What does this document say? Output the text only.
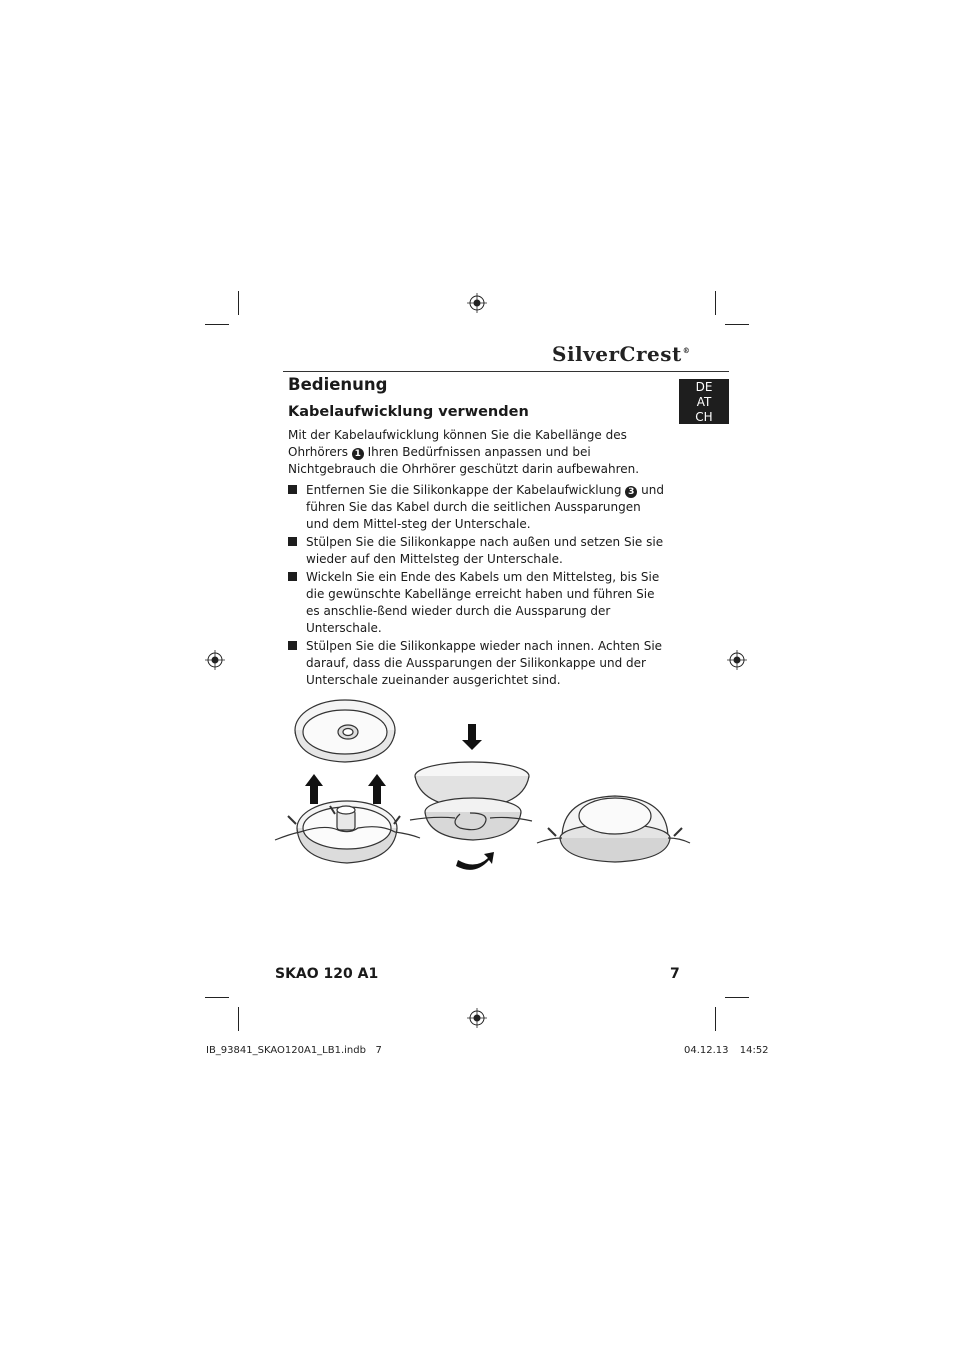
SilverCrest®
DE
AT
CH
Bedienung
Kabelaufwicklung verwenden

Mit der Kabelaufwicklung können Sie die Kabellänge des Ohrhörers 1 Ihren Bedürfnissen anpassen und bei Nichtgebrauch die Ohrhörer geschützt darin aufbewahren.

Entfernen Sie die Silikonkappe der Kabelaufwicklung 3 und führen Sie das Kabel durch die seitlichen Aussparungen und dem Mittel-steg der Unterschale.
Stülpen Sie die Silikonkappe nach außen und setzen Sie sie wieder auf den Mittelsteg der Unterschale.
Wickeln Sie ein Ende des Kabels um den Mittelsteg, bis Sie die gewünschte Kabellänge erreicht haben und führen Sie es anschlie-ßend wieder durch die Aussparung der Unterschale.
Stülpen Sie die Silikonkappe wieder nach innen. Achten Sie darauf, dass die Aussparungen der Silikonkappe und der Unterschale zueinander ausgerichtet sind.
SKAO 120 A1	7
IB_93841_SKAO120A1_LB1.indb   7	04.12.13 14:52
